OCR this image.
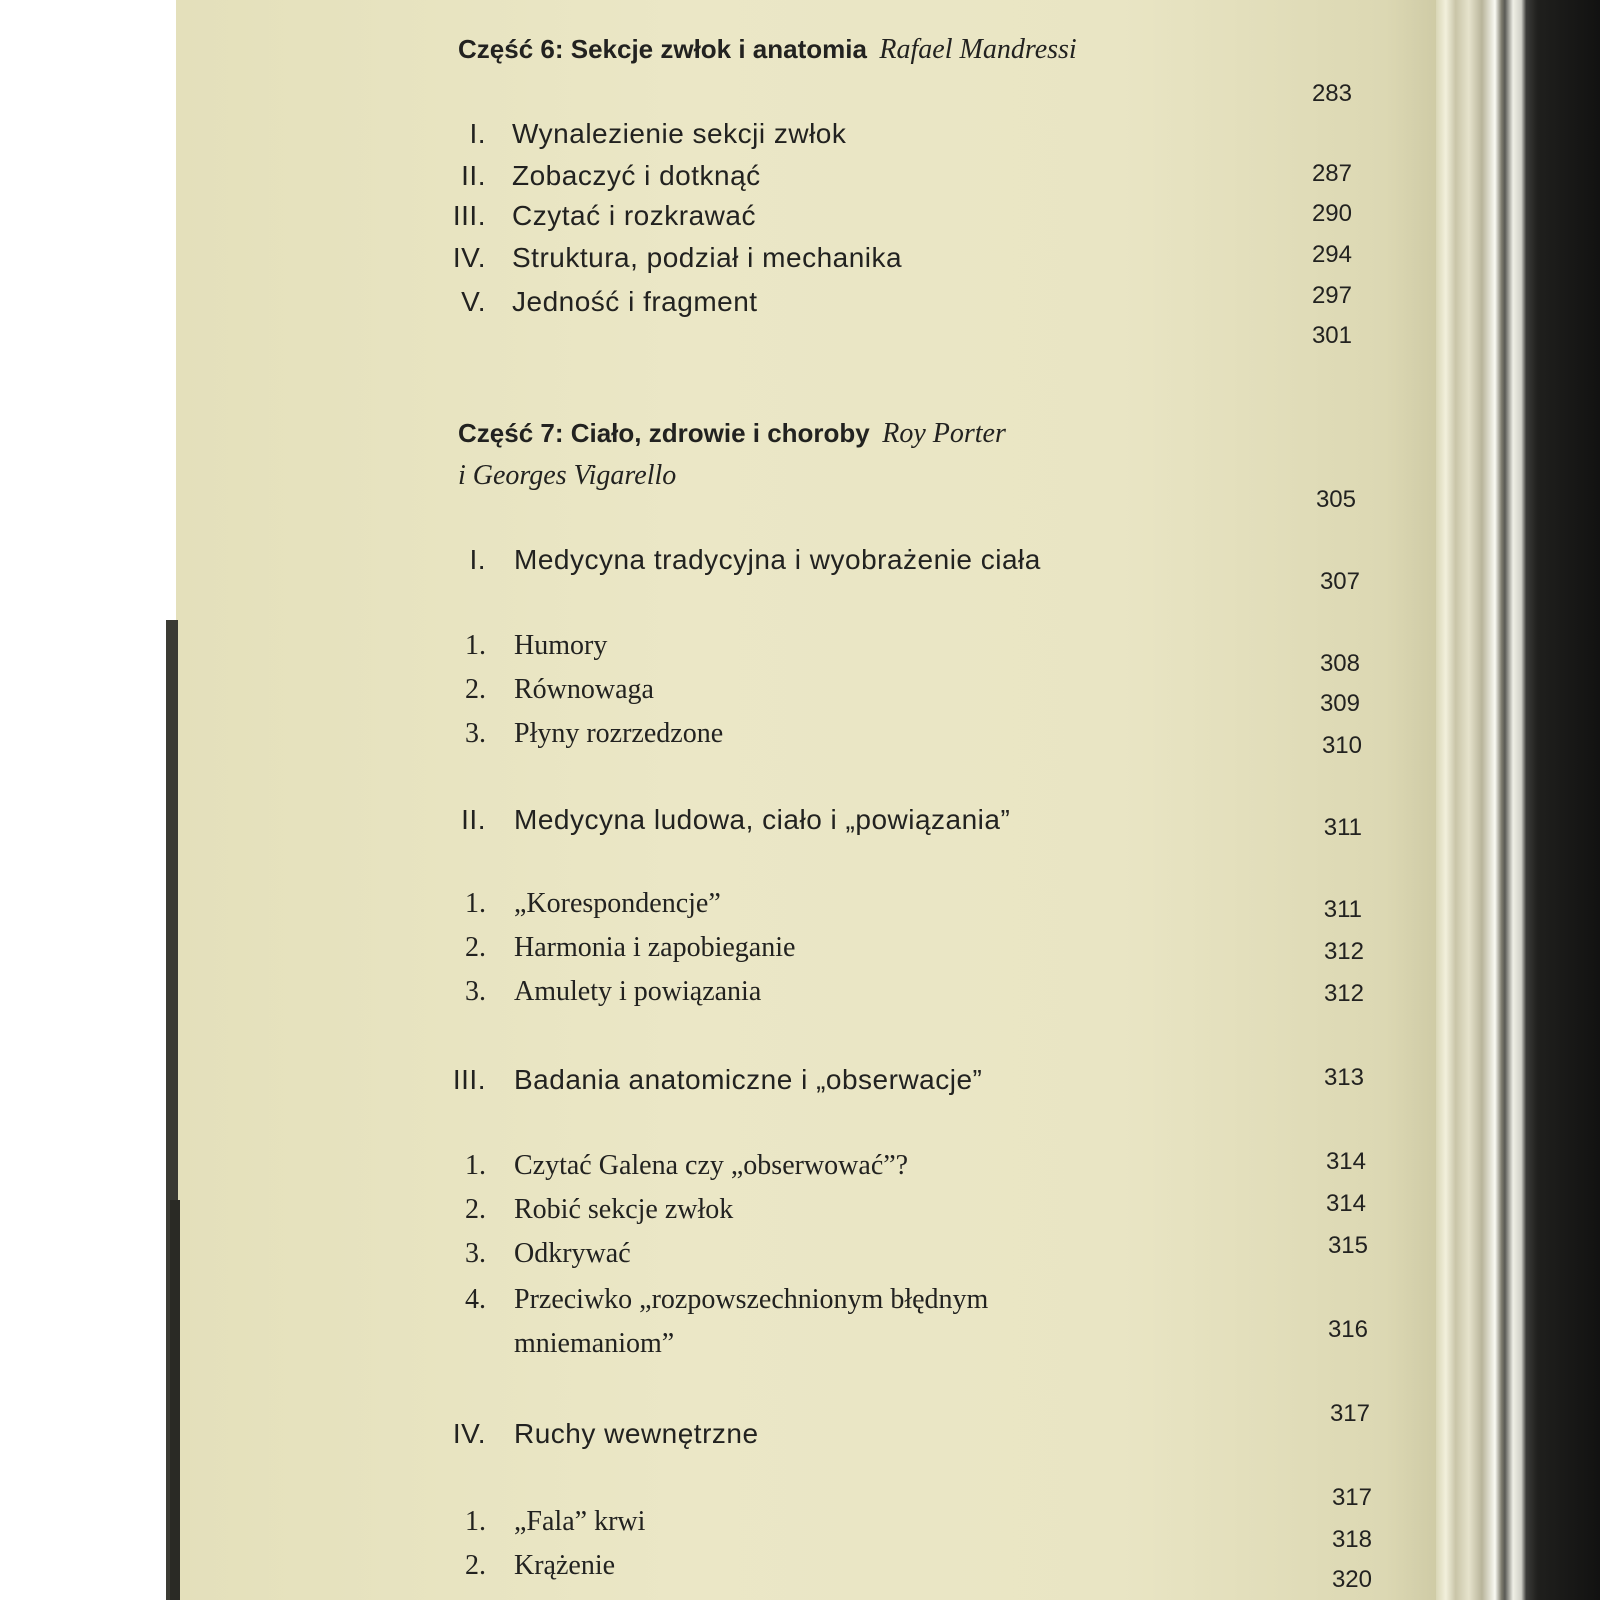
Część 6: Sekcje zwłok i anatomia Rafael Mandressi
283
I. Wynalezienie sekcji zwłok
II. Zobaczyć i dotknąć
III. Czytać i rozkrawać
IV. Struktura, podział i mechanika
V. Jedność i fragment
287
290
294
297
301
Część 7: Ciało, zdrowie i choroby Roy Porter
i Georges Vigarello
305
I. Medycyna tradycyjna i wyobrażenie ciała
307
1. Humory
2. Równowaga
3. Płyny rozrzedzone
308
309
310
II. Medycyna ludowa, ciało i „powiązania”	311
1. „Korespondencje”
2. Harmonia i zapobieganie
3. Amulety i powiązania
311
312
312
III. Badania anatomiczne i „obserwacje”	313
1. Czytać Galena czy „obserwować”?
2. Robić sekcje zwłok
3. Odkrywać
4. Przeciwko „rozpowszechnionym błędnym
mniemaniom”
314
314
315
316
IV. Ruchy wewnętrzne
317
1. „Fala” krwi
2. Krążenie
317
318
320
